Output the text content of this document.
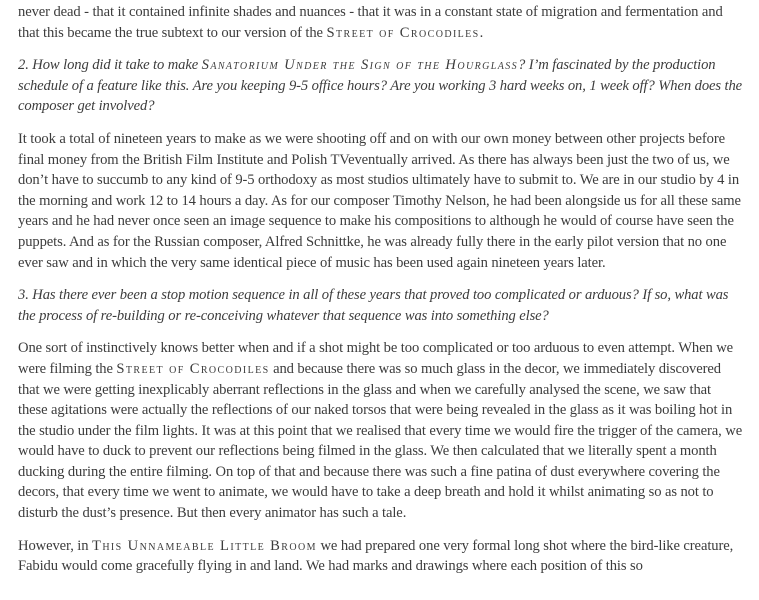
never dead - that it contained infinite shades and nuances - that it was in a constant state of migration and fermentation and that this became the true subtext to our version of the Street of Crocodiles.

2. How long did it take to make Sanatorium Under the Sign of the Hourglass? I’m fascinated by the production schedule of a feature like this. Are you keeping 9-5 office hours? Are you working 3 hard weeks on, 1 week off? When does the composer get involved?

It took a total of nineteen years to make as we were shooting off and on with our own money between other projects before final money from the British Film Institute and Polish TVeventually arrived. As there has always been just the two of us, we don’t have to succumb to any kind of 9-5 orthodoxy as most studios ultimately have to submit to. We are in our studio by 4 in the morning and work 12 to 14 hours a day. As for our composer Timothy Nelson, he had been alongside us for all these same years and he had never once seen an image sequence to make his compositions to although he would of course have seen the puppets. And as for the Russian composer, Alfred Schnittke, he was already fully there in the early pilot version that no one ever saw and in which the very same identical piece of music has been used again nineteen years later.

3. Has there ever been a stop motion sequence in all of these years that proved too complicated or arduous? If so, what was the process of re-building or re-conceiving whatever that sequence was into something else?

One sort of instinctively knows better when and if a shot might be too complicated or too arduous to even attempt. When we were filming the Street of Crocodiles and because there was so much glass in the decor, we immediately discovered that we were getting inexplicably aberrant reflections in the glass and when we carefully analysed the scene, we saw that these agitations were actually the reflections of our naked torsos that were being revealed in the glass as it was boiling hot in the studio under the film lights. It was at this point that we realised that every time we would fire the trigger of the camera, we would have to duck to prevent our reflections being filmed in the glass. We then calculated that we literally spent a month ducking during the entire filming. On top of that and because there was such a fine patina of dust everywhere covering the decors, that every time we went to animate, we would have to take a deep breath and hold it whilst animating so as not to disturb the dust’s presence. But then every animator has such a tale.

However, in This Unnameable Little Broom we had prepared one very formal long shot where the bird-like creature, Fabidu would come gracefully flying in and land. We had marks and drawings where each position of this so
